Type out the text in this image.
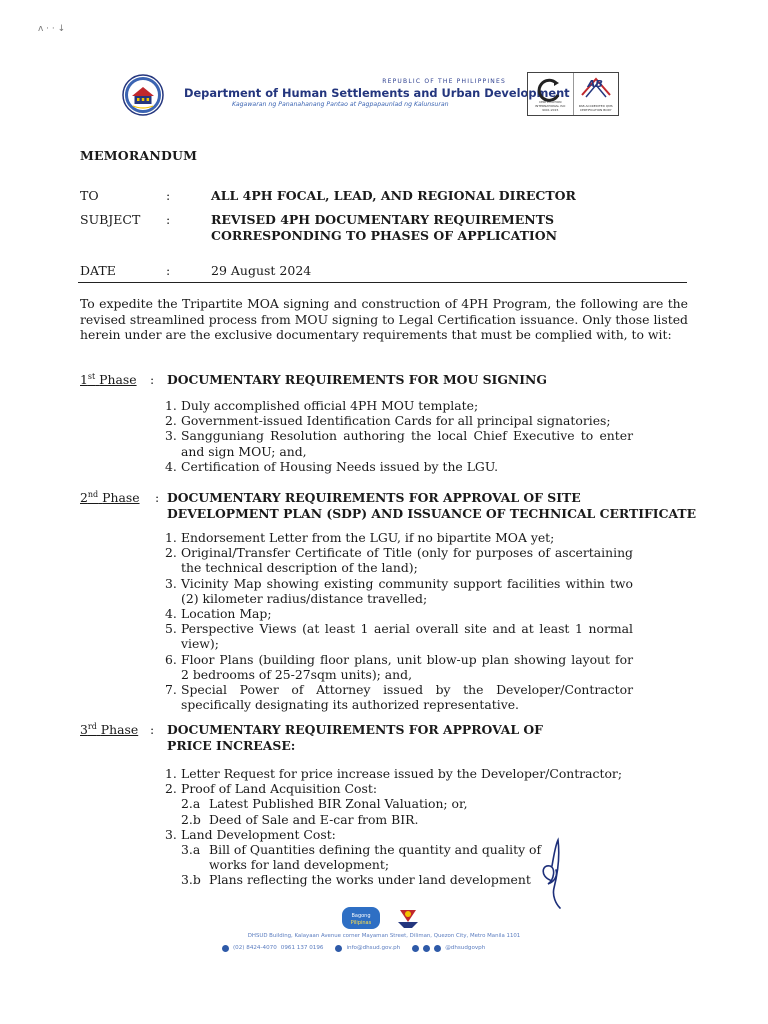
ʌ · · ↓
REPUBLIC OF THE PHILIPPINES
Department of Human Settlements and Urban Development
Kagawaran ng Pananahanang Pantao at Pagpapaunlad ng Kalunsuran	CERTIFICATION INTERNATIONAL ISO 9001:2015
AB
PAB ACCREDITED QMS CERTIFICATION BODY
MEMORANDUM
TO	:	ALL 4PH FOCAL, LEAD, AND REGIONAL DIRECTOR
SUBJECT :	REVISED 4PH DOCUMENTARY REQUIREMENTS
CORRESPONDING TO PHASES OF APPLICATION
DATE	:	29 August 2024
To expedite the Tripartite MOA signing and construction of 4PH Program, the following are the revised streamlined process from MOU signing to Legal Certification issuance. Only those listed herein under are the exclusive documentary requirements that must be complied with, to wit:
1st Phase : DOCUMENTARY REQUIREMENTS FOR MOU SIGNING
1. Duly accomplished official 4PH MOU template;
2. Government-issued Identification Cards for all principal signatories;
3. Sangguniang Resolution authoring the local Chief Executive to enter and sign MOU; and,
4. Certification of Housing Needs issued by the LGU.
2nd Phase : DOCUMENTARY REQUIREMENTS FOR APPROVAL OF SITE
DEVELOPMENT PLAN (SDP) AND ISSUANCE OF TECHNICAL CERTIFICATE
1. Endorsement Letter from the LGU, if no bipartite MOA yet;
2. Original/Transfer Certificate of Title (only for purposes of ascertaining the technical description of the land);
3. Vicinity Map showing existing community support facilities within two (2) kilometer radius/distance travelled;
4. Location Map;
5. Perspective Views (at least 1 aerial overall site and at least 1 normal view);
6. Floor Plans (building floor plans, unit blow-up plan showing layout for 2 bedrooms of 25-27sqm units); and,
7. Special Power of Attorney issued by the Developer/Contractor specifically designating its authorized representative.
3rd Phase : DOCUMENTARY REQUIREMENTS FOR APPROVAL OF
PRICE INCREASE:
1. Letter Request for price increase issued by the Developer/Contractor;
2. Proof of Land Acquisition Cost:
2.a Latest Published BIR Zonal Valuation; or,
2.b Deed of Sale and E-car from BIR.
3. Land Development Cost:
3.a Bill of Quantities defining the quantity and quality of works for land development;
3.b Plans reflecting the works under land development
Bagong
Pilipinas
DHSUD Building, Kalayaan Avenue corner Mayaman Street, Diliman, Quezon City, Metro Manila 1101
(02) 8424-4070 0961 137 0196	info@dhsud.gov.ph	@dhsudgovph
